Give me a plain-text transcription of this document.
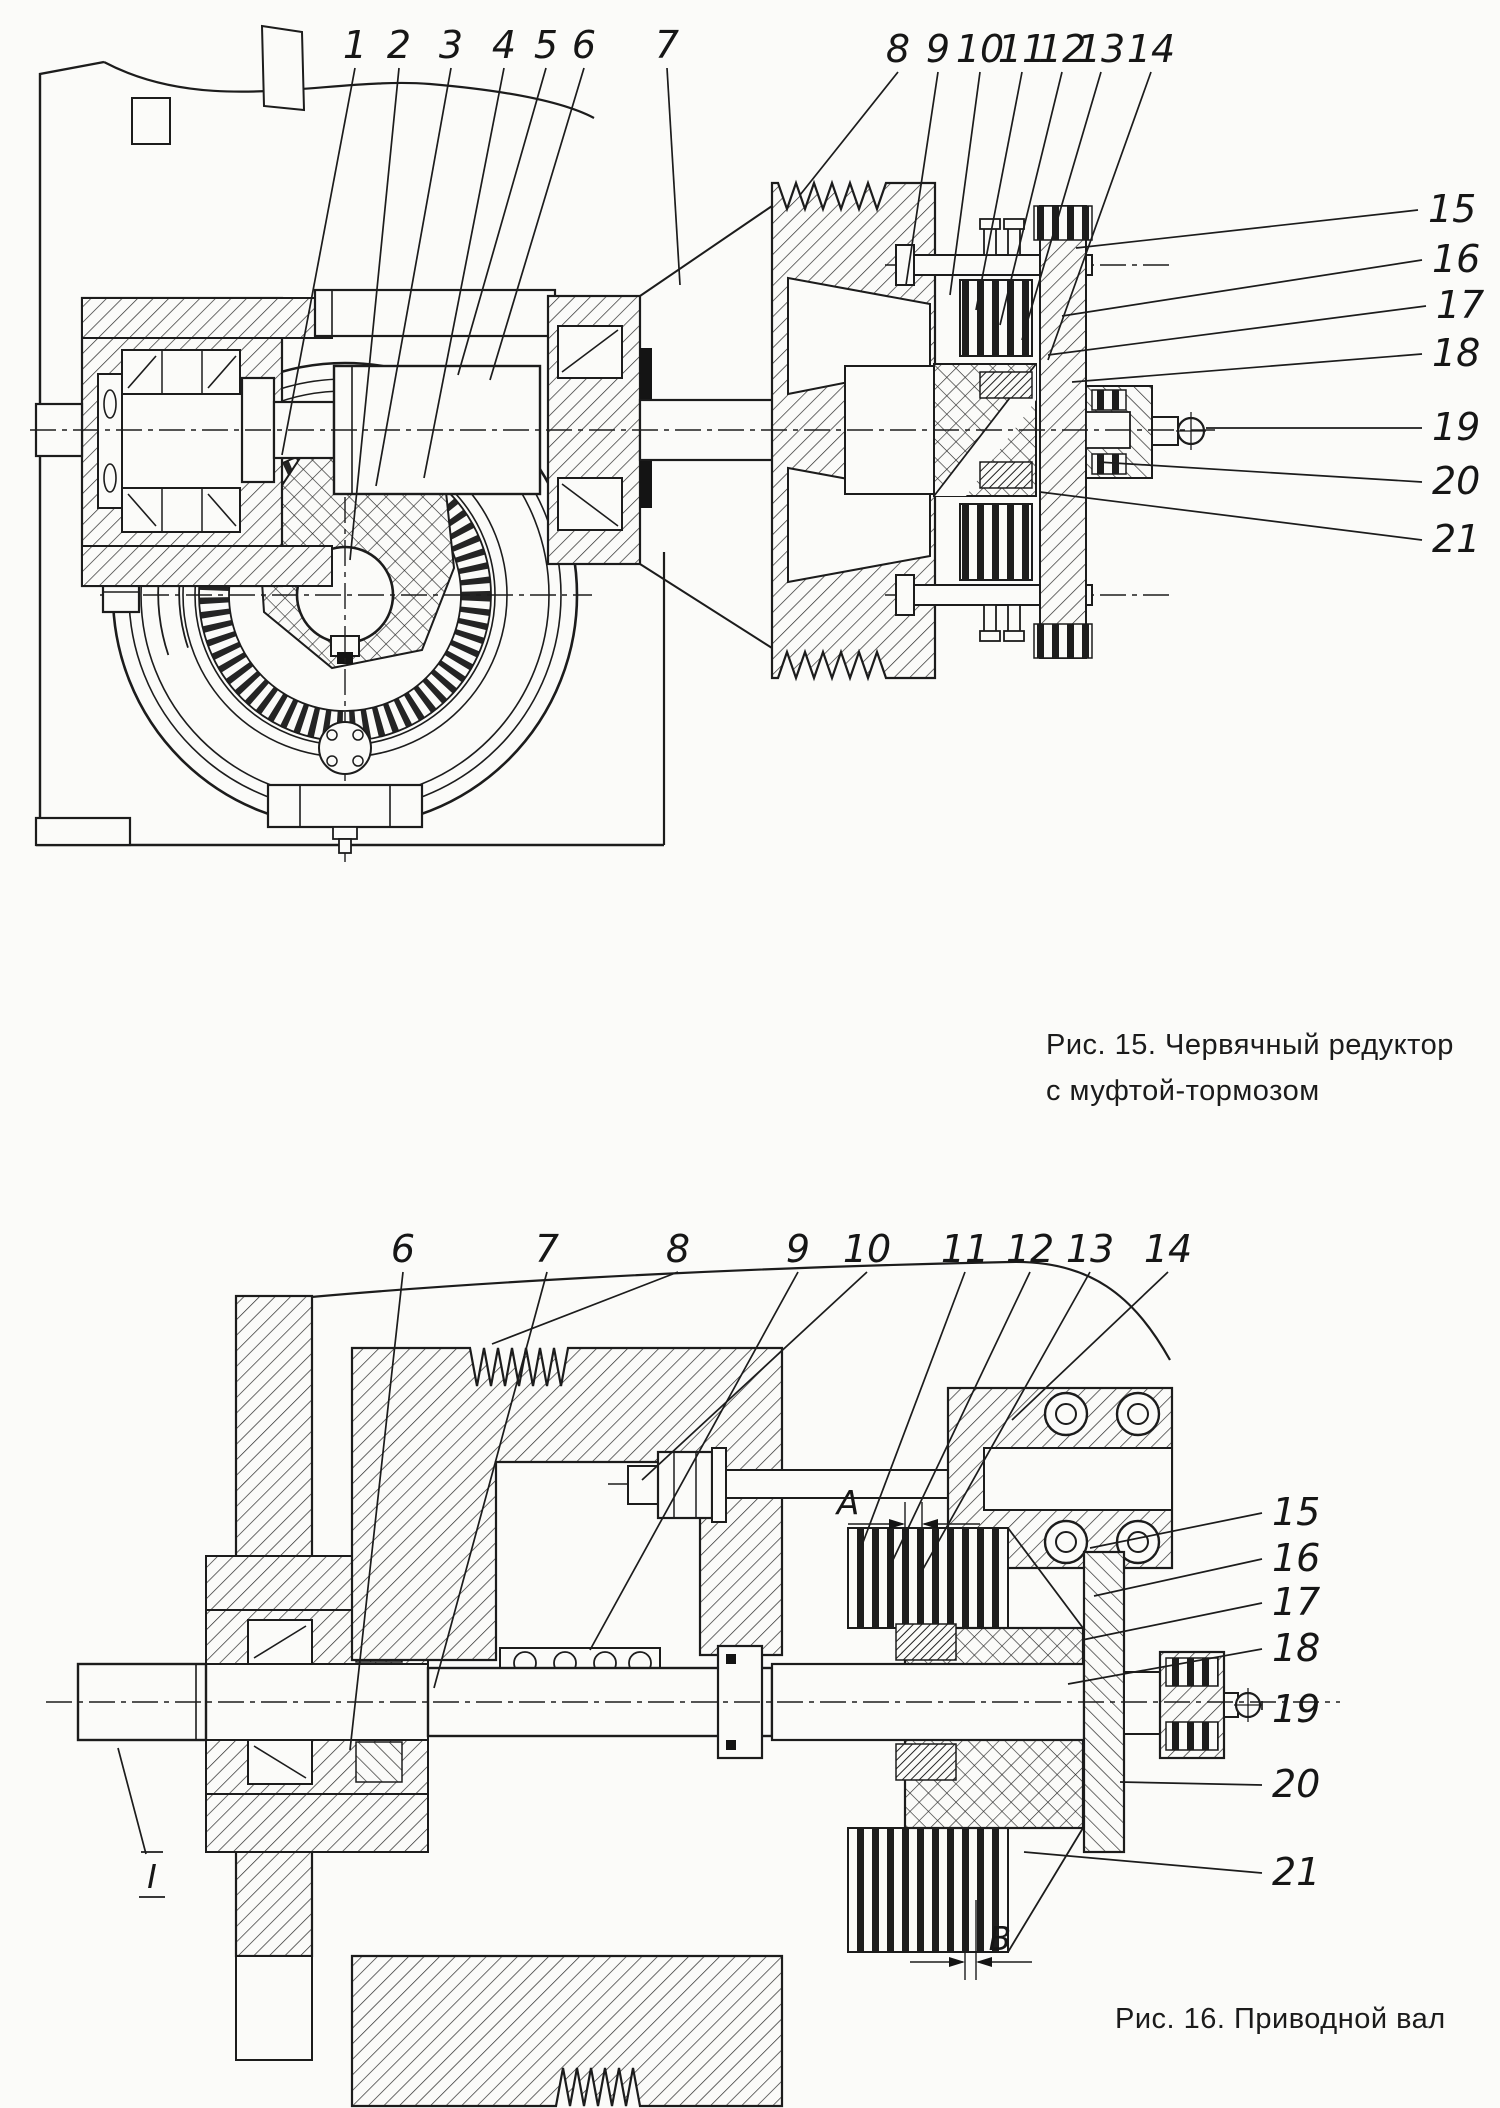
1 2 3 4 5 6 7	8 9 10
11
12
13 14
15
16
17
18
19
20
21
6	7	8	9 10 11 12 13 14
15
16
17
18
19
20
21
I
А
В
Рис. 15. Червячный редуктор
с муфтой-тормозом
Рис. 16. Приводной вал
